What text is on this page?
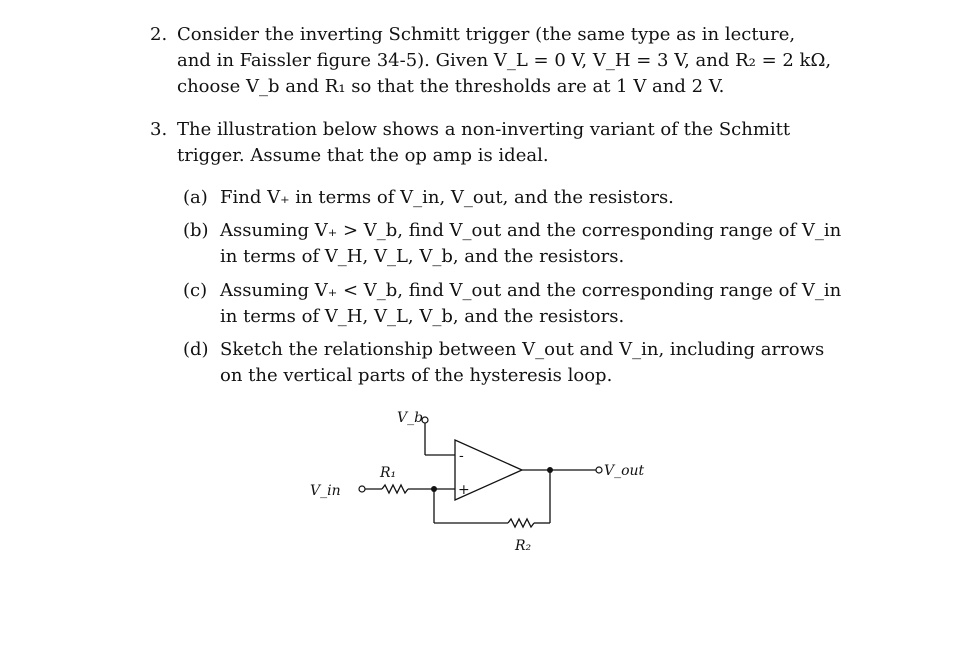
2. Consider the inverting Schmitt trigger (the same type as in lecture,
and in Faissler figure 34-5). Given V_L = 0 V, V_H = 3 V, and R₂ = 2 kΩ,
choose V_b and R₁ so that the thresholds are at 1 V and 2 V.
3. The illustration below shows a non-inverting variant of the Schmitt
trigger. Assume that the op amp is ideal.
(a) Find V₊ in terms of V_in, V_out, and the resistors.
(b) Assuming V₊ > V_b, find V_out and the corresponding range of V_in
in terms of V_H, V_L, V_b, and the resistors.
(c) Assuming V₊ < V_b, find V_out and the corresponding range of V_in
in terms of V_H, V_L, V_b, and the resistors.
(d) Sketch the relationship between V_out and V_in, including arrows
on the vertical parts of the hysteresis loop.
V_b
R₁
R₂
V_in
V_out
-
+
